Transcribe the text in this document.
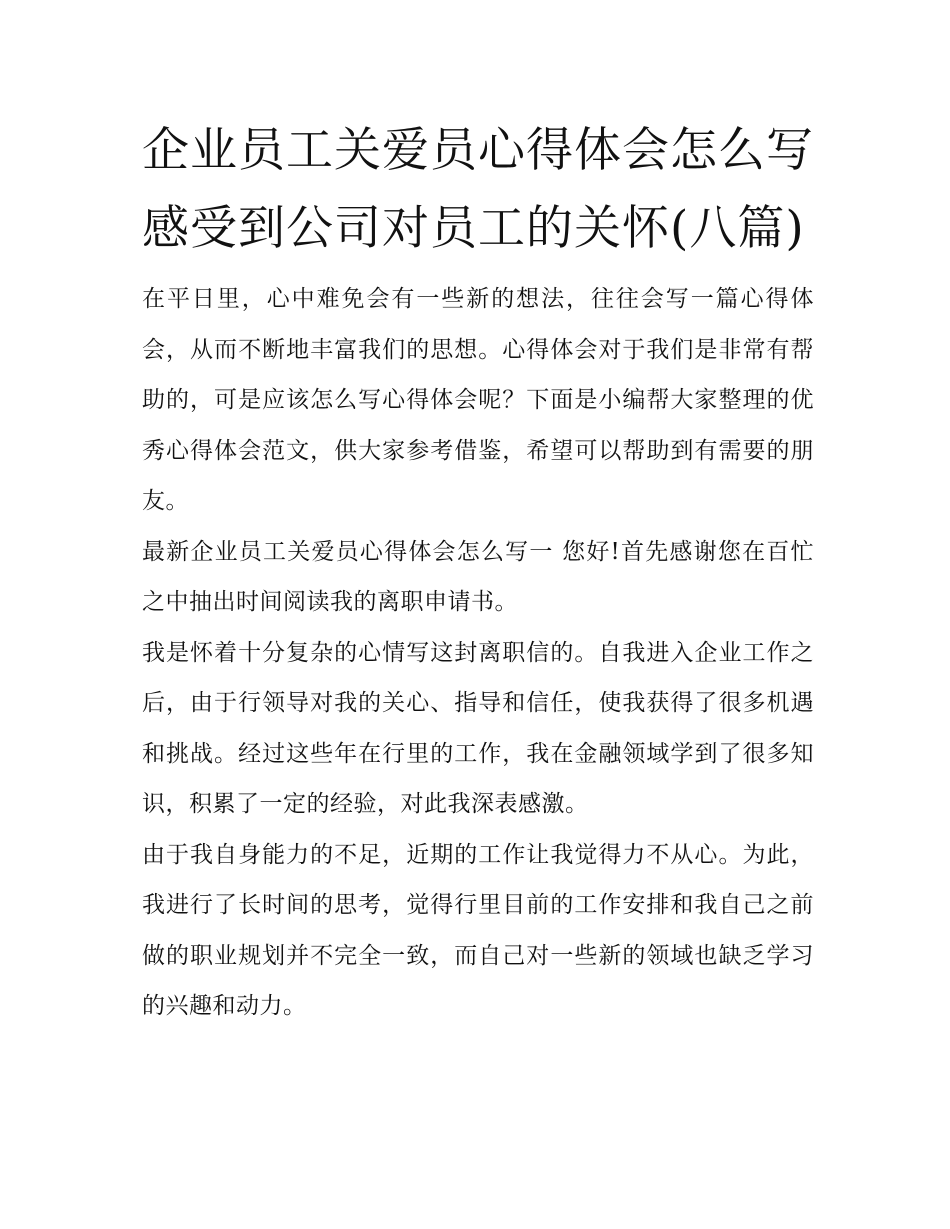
企业员工关爱员心得体会怎么写 感受到公司对员工的关怀(八篇)

在平日里，心中难免会有一些新的想法，往往会写一篇心得体会，从而不断地丰富我们的思想。心得体会对于我们是非常有帮助的，可是应该怎么写心得体会呢？下面是小编帮大家整理的优秀心得体会范文，供大家参考借鉴，希望可以帮助到有需要的朋友。

最新企业员工关爱员心得体会怎么写一 您好!首先感谢您在百忙之中抽出时间阅读我的离职申请书。

我是怀着十分复杂的心情写这封离职信的。自我进入企业工作之后，由于行领导对我的关心、指导和信任，使我获得了很多机遇和挑战。经过这些年在行里的工作，我在金融领域学到了很多知识，积累了一定的经验，对此我深表感激。

由于我自身能力的不足，近期的工作让我觉得力不从心。为此，我进行了长时间的思考，觉得行里目前的工作安排和我自己之前做的职业规划并不完全一致，而自己对一些新的领域也缺乏学习的兴趣和动力。
